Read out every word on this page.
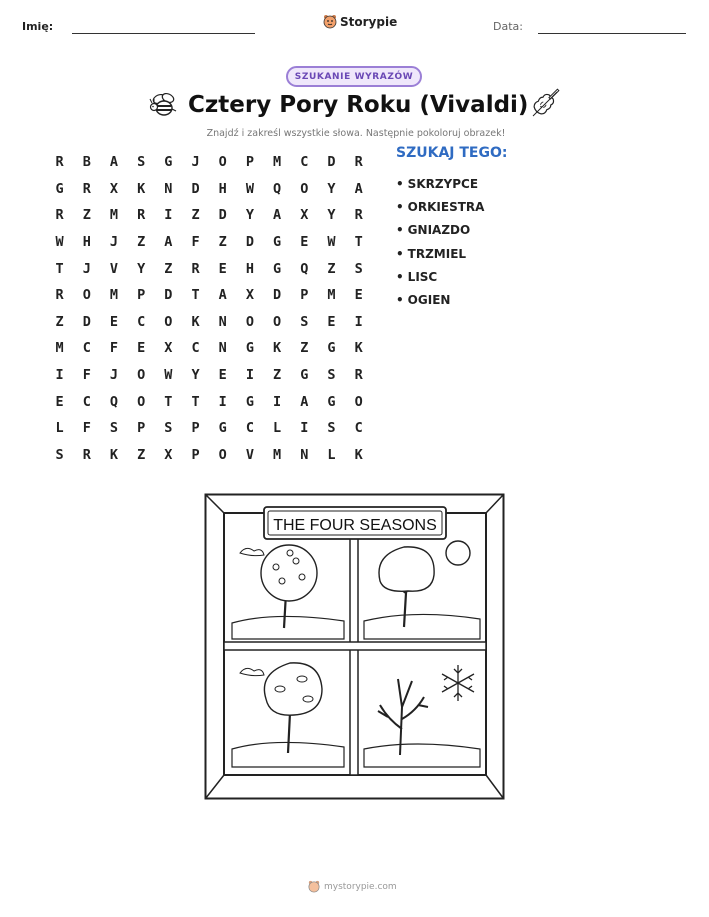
Imię:	Storypie	Data:
SZUKANIE WYRAZÓW
Cztery Pory Roku (Vivaldi)
Znajdź i zakreśl wszystkie słowa. Następnie pokoloruj obrazek!
R	B	A	S	G	J	O	P	M	C	D	R
G	R	X	K	N	D	H	W	Q	O	Y	A
R	Z	M	R	I	Z	D	Y	A	X	Y	R
W	H	J	Z	A	F	Z	D	G	E	W	T
T	J	V	Y	Z	R	E	H	G	Q	Z	S
R	O	M	P	D	T	A	X	D	P	M	E
Z	D	E	C	O	K	N	O	O	S	E	I
M	C	F	E	X	C	N	G	K	Z	G	K
I	F	J	O	W	Y	E	I	Z	G	S	R
E	C	Q	O	T	T	I	G	I	A	G	O
L	F	S	P	S	P	G	C	L	I	S	C
S	R	K	Z	X	P	O	V	M	N	L	K
SZUKAJ TEGO:
• SKRZYPCE
• ORKIESTRA
• GNIAZDO
• TRZMIEL
• LISC
• OGIEN
THE FOUR SEASONS
mystorypie.com
